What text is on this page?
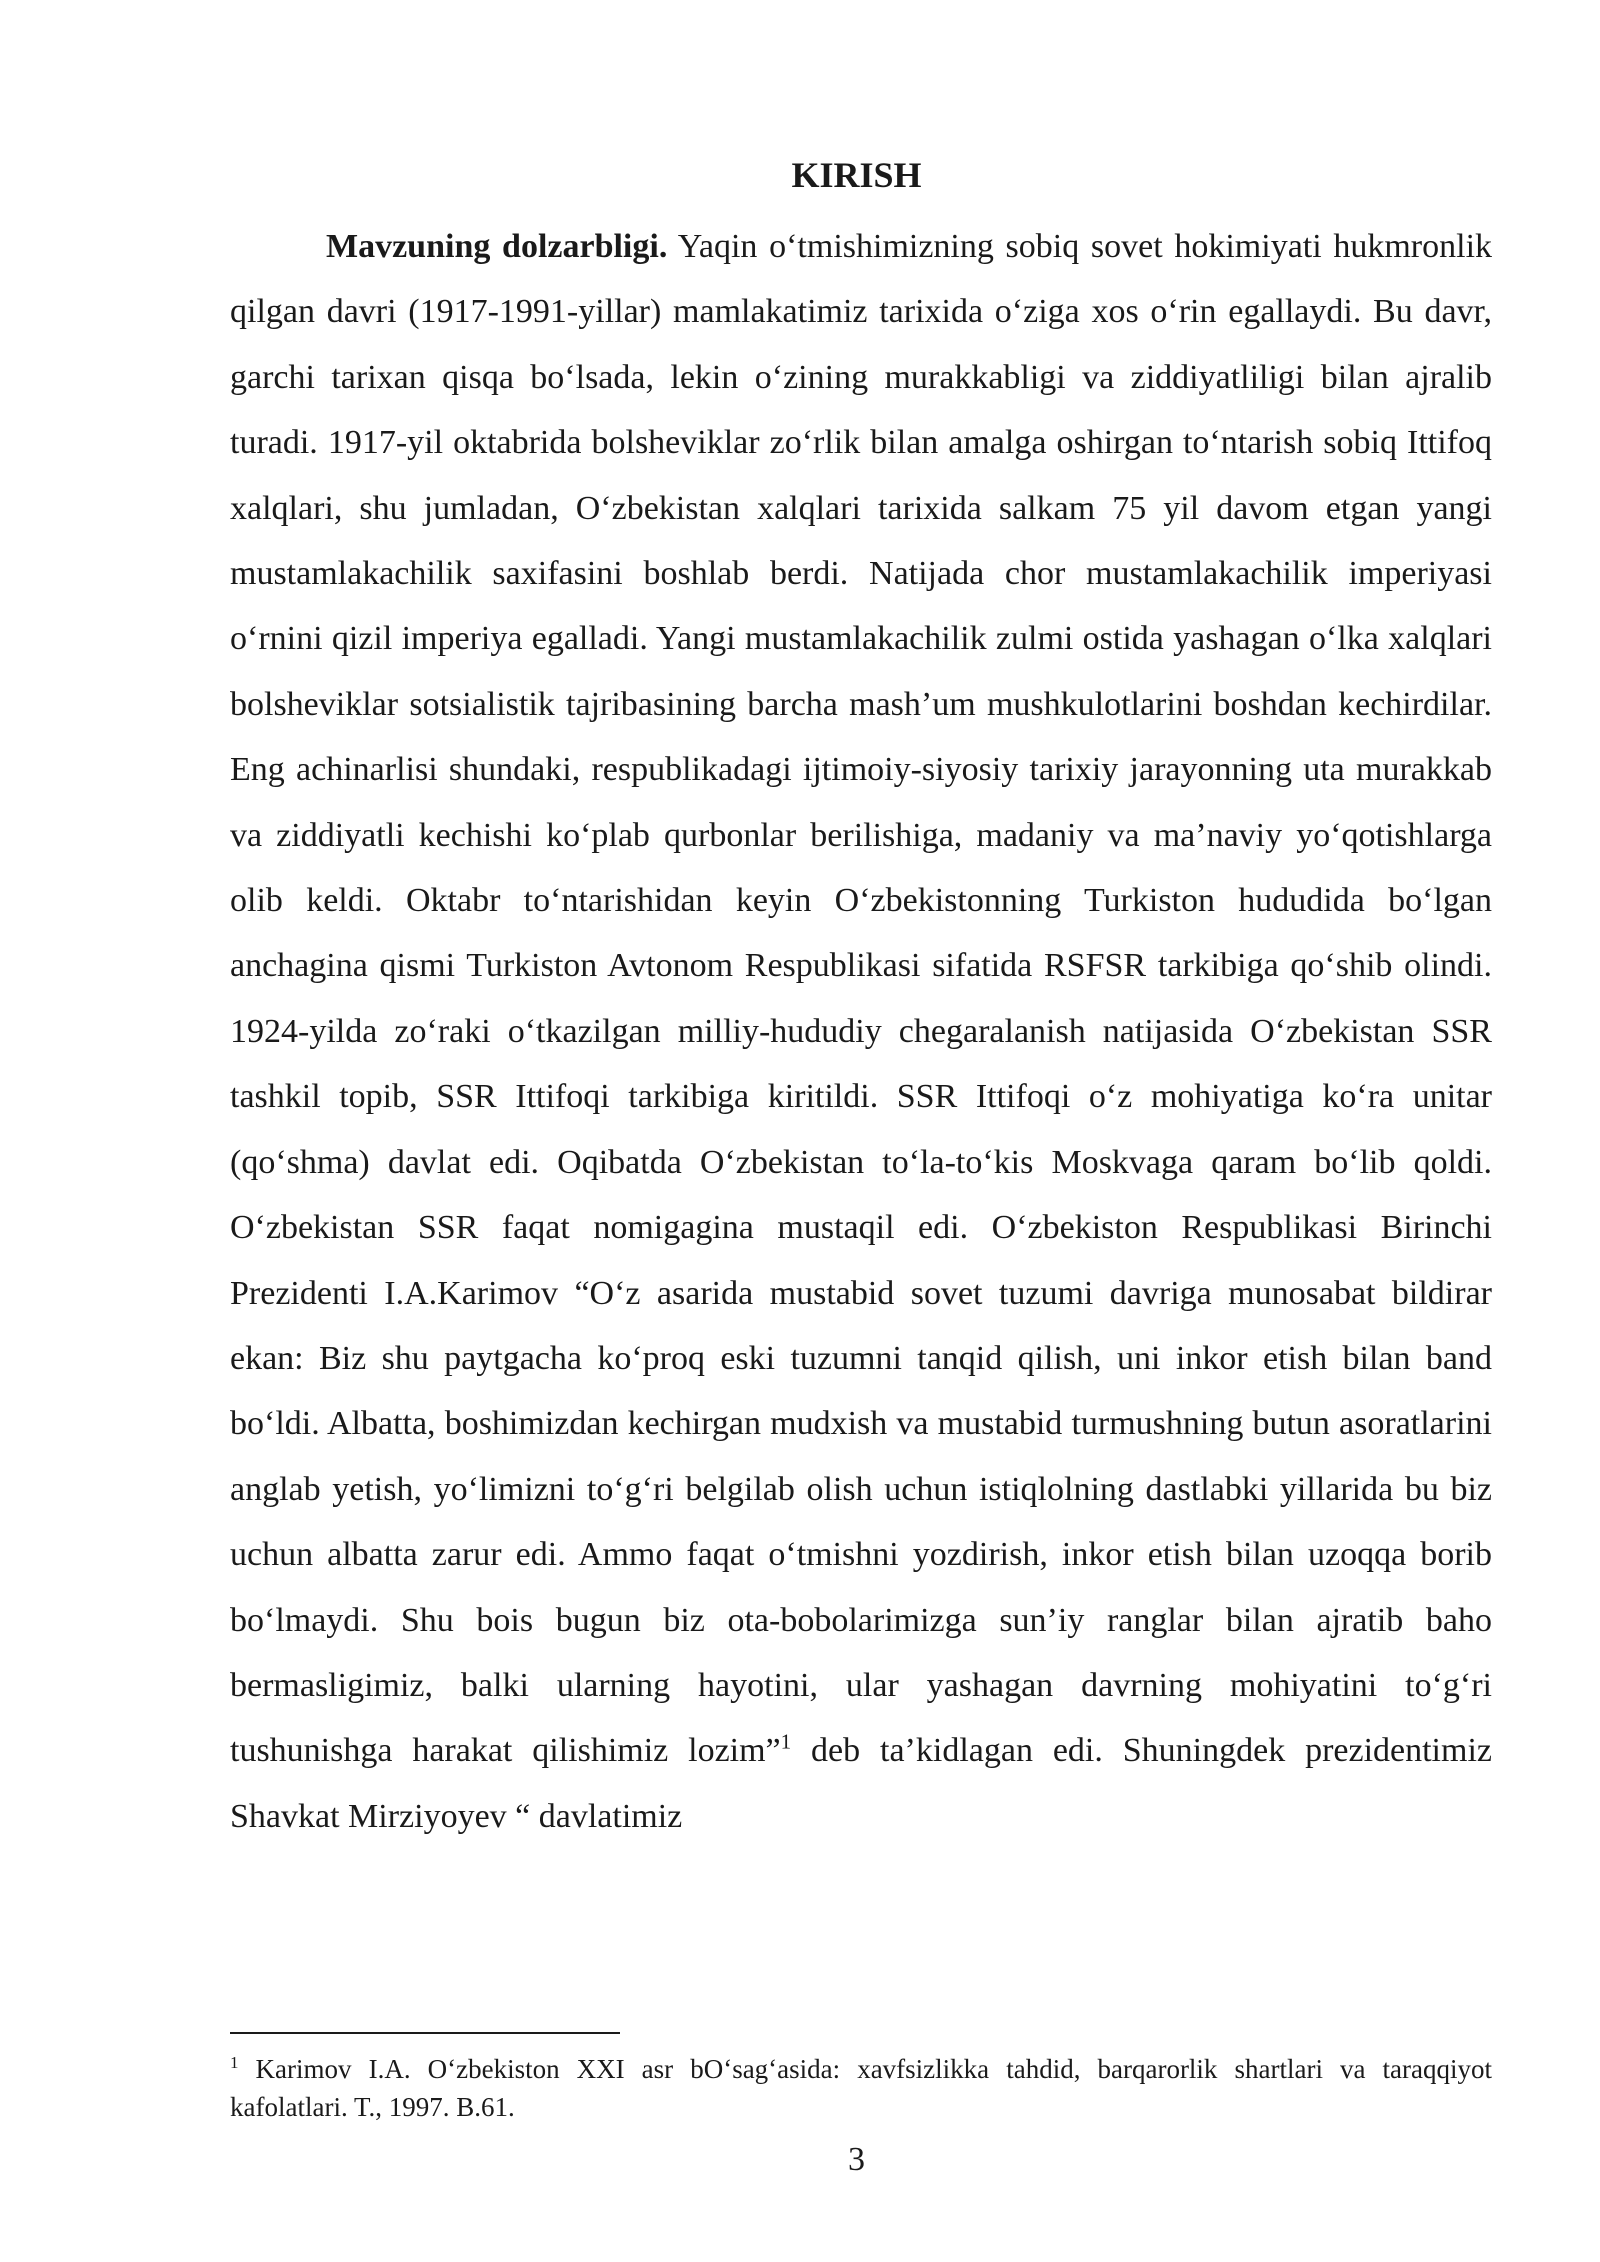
KIRISH

Mavzuning dolzarbligi. Yaqin o‘tmishimizning sobiq sovet hokimiyati hukmronlik qilgan davri (1917-1991-yillar) mamlakatimiz tarixida o‘ziga xos o‘rin egallaydi. Bu davr, garchi tarixan qisqa bo‘lsada, lekin o‘zining murakkabligi va ziddiyatliligi bilan ajralib turadi. 1917-yil oktabrida bolsheviklar zo‘rlik bilan amalga oshirgan to‘ntarish sobiq Ittifoq xalqlari, shu jumladan, O‘zbekistan xalqlari tarixida salkam 75 yil davom etgan yangi mustamlakachilik saxifasini boshlab berdi. Natijada chor mustamlakachilik imperiyasi o‘rnini qizil imperiya egalladi. Yangi mustamlakachilik zulmi ostida yashagan o‘lka xalqlari bolsheviklar sotsialistik tajribasining barcha mash’um mushkulotlarini boshdan kechirdilar. Eng achinarlisi shundaki, respublikadagi ijtimoiy-siyosiy tarixiy jarayonning uta murakkab va ziddiyatli kechishi ko‘plab qurbonlar berilishiga, madaniy va ma’naviy yo‘qotishlarga olib keldi. Oktabr to‘ntarishidan keyin O‘zbekistonning Turkiston hududida bo‘lgan anchagina qismi Turkiston Avtonom Respublikasi sifatida RSFSR tarkibiga qo‘shib olindi. 1924-yilda zo‘raki o‘tkazilgan milliy-hududiy chegaralanish natijasida O‘zbekistan SSR tashkil topib, SSR Ittifoqi tarkibiga kiritildi. SSR Ittifoqi o‘z mohiyatiga ko‘ra unitar (qo‘shma) davlat edi. Oqibatda O‘zbekistan to‘la-to‘kis Moskvaga qaram bo‘lib qoldi. O‘zbekistan SSR faqat nomigagina mustaqil edi. O‘zbekiston Respublikasi Birinchi Prezidenti I.A.Karimov “O‘z asarida mustabid sovet tuzumi davriga munosabat bildirar ekan: Biz shu paytgacha ko‘proq eski tuzumni tanqid qilish, uni inkor etish bilan band bo‘ldi. Albatta, boshimizdan kechirgan mudxish va mustabid turmushning butun asoratlarini anglab yetish, yo‘limizni to‘g‘ri belgilab olish uchun istiqlolning dastlabki yillarida bu biz uchun albatta zarur edi. Ammo faqat o‘tmishni yozdirish, inkor etish bilan uzoqqa borib bo‘lmaydi. Shu bois bugun biz ota-bobolarimizga sun’iy ranglar bilan ajratib baho bermasligimiz, balki ularning hayotini, ular yashagan davrning mohiyatini to‘g‘ri tushunishga harakat qilishimiz lozim”$^1$ deb ta’kidlagan edi. Shuningdek prezidentimiz Shavkat Mirziyoyev “ davlatimiz

$^1$ Karimov I.A. O‘zbekiston XXI asr bO‘sag‘asida: xavfsizlikka tahdid, barqarorlik shartlari va taraqqiyot kafolatlari. T., 1997. B.61.

3
